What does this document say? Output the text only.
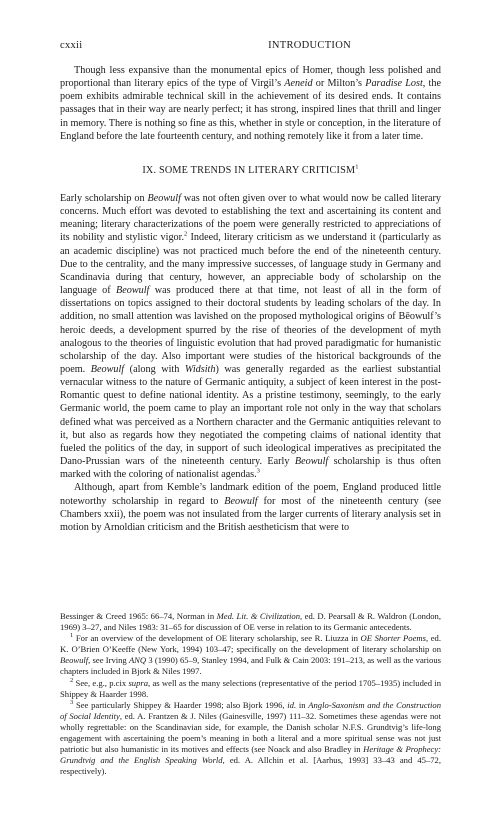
cxxii	INTRODUCTION

Though less expansive than the monumental epics of Homer, though less polished and proportional than literary epics of the type of Virgil’s Aeneid or Milton’s Paradise Lost, the poem exhibits admirable technical skill in the achievement of its desired ends. It contains passages that in their way are nearly perfect; it has strong, inspired lines that thrill and linger in memory. There is nothing so fine as this, whether in style or conception, in the literature of England before the late fourteenth century, and nothing remotely like it from a later time.

IX. SOME TRENDS IN LITERARY CRITICISM$^1$

Early scholarship on Beowulf was not often given over to what would now be called literary concerns. Much effort was devoted to establishing the text and ascertaining its content and meaning; literary characterizations of the poem were generally restricted to appreciations of its nobility and stylistic vigor.$^2$ Indeed, literary criticism as we understand it (particularly as an academic discipline) was not practiced much before the end of the nineteenth century. Due to the centrality, and the many impressive successes, of language study in Germany and Scandinavia during that century, however, an appreciable body of scholarship on the language of Beowulf was produced there at that time, not least of all in the form of dissertations on topics assigned to their doctoral students by leading scholars of the day. In addition, no small attention was lavished on the proposed mythological origins of Bēowulf’s heroic deeds, a development spurred by the rise of theories of the development of myth analogous to the theories of linguistic evolution that had proved paradigmatic for humanistic scholarship of the day. Also important were studies of the historical backgrounds of the poem. Beowulf (along with Widsith) was generally regarded as the earliest substantial vernacular witness to the nature of Germanic antiquity, a subject of keen interest in the post-Romantic quest to define national identity. As a pristine testimony, seemingly, to the early Germanic world, the poem came to play an important role not only in the way that scholars defined what was perceived as a Northern character and the Germanic antiquities relevant to it, but also as regards how they negotiated the competing claims of national identity that fueled the politics of the day, in support of such ideological imperatives as precipitated the Dano-Prussian wars of the nineteenth century. Early Beowulf scholarship is thus often marked with the coloring of nationalist agendas.$^3$

Although, apart from Kemble’s landmark edition of the poem, England produced little noteworthy scholarship in regard to Beowulf for most of the nineteenth century (see Chambers xxii), the poem was not insulated from the larger currents of literary analysis set in motion by Arnoldian criticism and the British aestheticism that were to

Bessinger & Creed 1965: 66–74, Norman in Med. Lit. & Civilization, ed. D. Pearsall & R. Waldron (London, 1969) 3–27, and Niles 1983: 31–65 for discussion of OE verse in relation to its Germanic antecedents.

$^1$ For an overview of the development of OE literary scholarship, see R. Liuzza in OE Shorter Poems, ed. K. O’Brien O’Keeffe (New York, 1994) 103–47; specifically on the development of literary scholarship on Beowulf, see Irving ANQ 3 (1990) 65–9, Stanley 1994, and Fulk & Cain 2003: 191–213, as well as the various chapters included in Bjork & Niles 1997.

$^2$ See, e.g., p.cix supra, as well as the many selections (representative of the period 1705–1935) included in Shippey & Haarder 1998.

$^3$ See particularly Shippey & Haarder 1998; also Bjork 1996, id. in Anglo-Saxonism and the Construction of Social Identity, ed. A. Frantzen & J. Niles (Gainesville, 1997) 111–32. Sometimes these agendas were not wholly regrettable: on the Scandinavian side, for example, the Danish scholar N.F.S. Grundtvig’s life-long engagement with ascertaining the poem’s meaning in both a literal and a more spiritual sense was not just patriotic but also humanistic in its motives and effects (see Noack and also Bradley in Heritage & Prophecy: Grundtvig and the English Speaking World, ed. A. Allchin et al. [Aarhus, 1993] 33–43 and 45–72, respectively).
